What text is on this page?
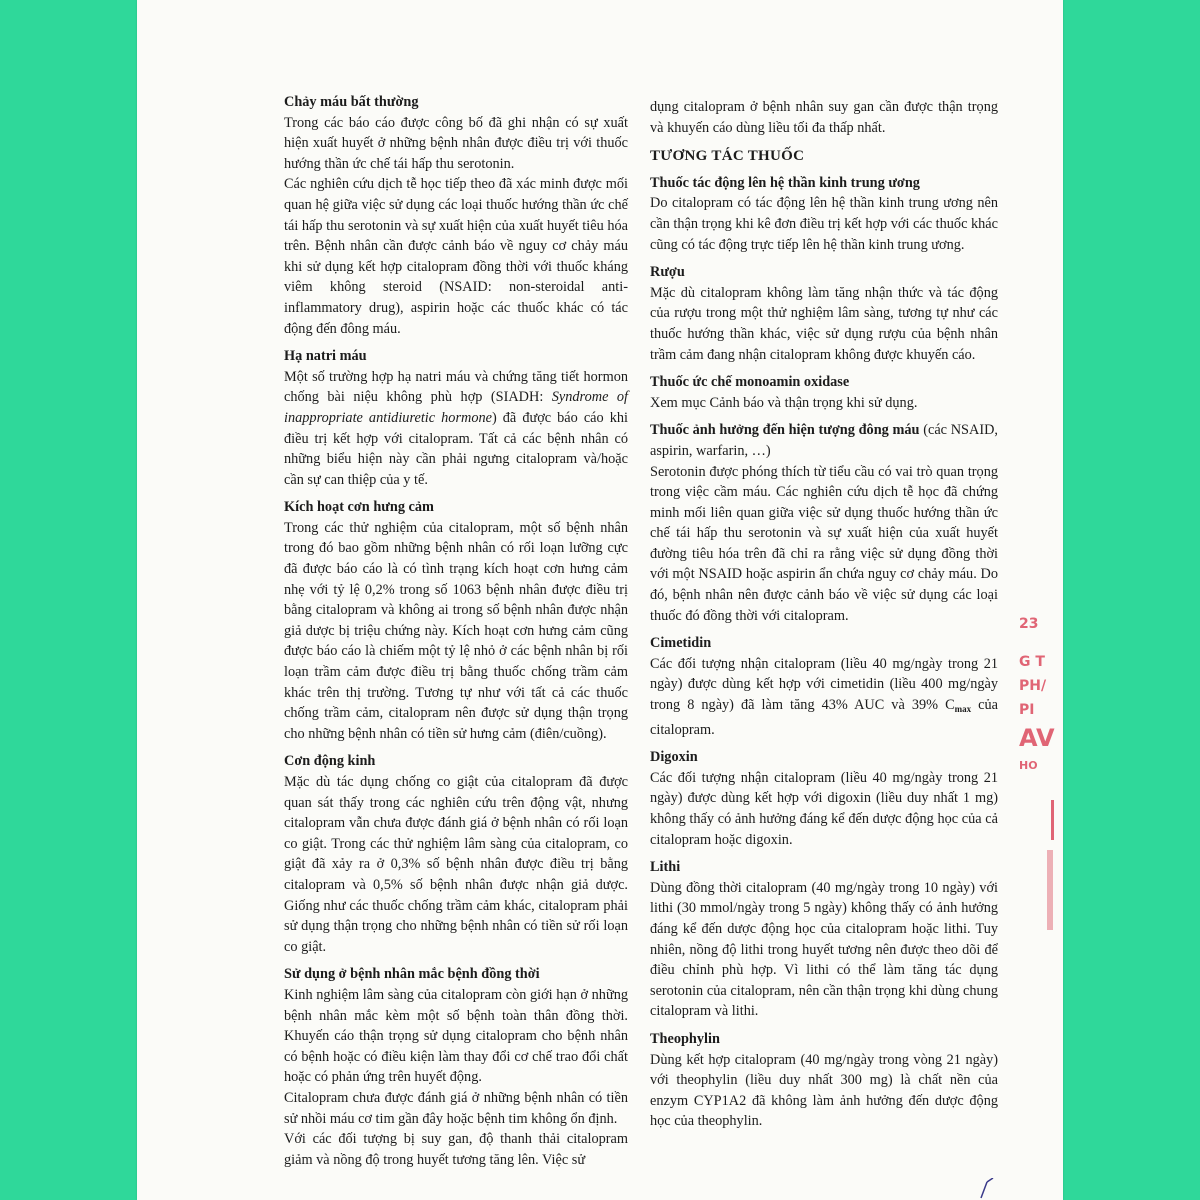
Chảy máu bất thường

Trong các báo cáo được công bố đã ghi nhận có sự xuất hiện xuất huyết ở những bệnh nhân được điều trị với thuốc hướng thần ức chế tái hấp thu serotonin.

Các nghiên cứu dịch tễ học tiếp theo đã xác minh được mối quan hệ giữa việc sử dụng các loại thuốc hướng thần ức chế tái hấp thu serotonin và sự xuất hiện của xuất huyết tiêu hóa trên. Bệnh nhân cần được cảnh báo về nguy cơ chảy máu khi sử dụng kết hợp citalopram đồng thời với thuốc kháng viêm không steroid (NSAID: non-steroidal anti-inflammatory drug), aspirin hoặc các thuốc khác có tác động đến đông máu.

Hạ natri máu

Một số trường hợp hạ natri máu và chứng tăng tiết hormon chống bài niệu không phù hợp (SIADH: Syndrome of inappropriate antidiuretic hormone) đã được báo cáo khi điều trị kết hợp với citalopram. Tất cả các bệnh nhân có những biểu hiện này cần phải ngưng citalopram và/hoặc cần sự can thiệp của y tế.

Kích hoạt cơn hưng cảm

Trong các thử nghiệm của citalopram, một số bệnh nhân trong đó bao gồm những bệnh nhân có rối loạn lưỡng cực đã được báo cáo là có tình trạng kích hoạt cơn hưng cảm nhẹ với tỷ lệ 0,2% trong số 1063 bệnh nhân được điều trị bằng citalopram và không ai trong số bệnh nhân được nhận giả dược bị triệu chứng này. Kích hoạt cơn hưng cảm cũng được báo cáo là chiếm một tỷ lệ nhỏ ở các bệnh nhân bị rối loạn trầm cảm được điều trị bằng thuốc chống trầm cảm khác trên thị trường. Tương tự như với tất cả các thuốc chống trầm cảm, citalopram nên được sử dụng thận trọng cho những bệnh nhân có tiền sử hưng cảm (điên/cuồng).

Cơn động kinh

Mặc dù tác dụng chống co giật của citalopram đã được quan sát thấy trong các nghiên cứu trên động vật, nhưng citalopram vẫn chưa được đánh giá ở bệnh nhân có rối loạn co giật. Trong các thử nghiệm lâm sàng của citalopram, co giật đã xảy ra ở 0,3% số bệnh nhân được điều trị bằng citalopram và 0,5% số bệnh nhân được nhận giả dược. Giống như các thuốc chống trầm cảm khác, citalopram phải sử dụng thận trọng cho những bệnh nhân có tiền sử rối loạn co giật.

Sử dụng ở bệnh nhân mắc bệnh đồng thời

Kinh nghiệm lâm sàng của citalopram còn giới hạn ở những bệnh nhân mắc kèm một số bệnh toàn thân đồng thời. Khuyến cáo thận trọng sử dụng citalopram cho bệnh nhân có bệnh hoặc có điều kiện làm thay đổi cơ chế trao đổi chất hoặc có phản ứng trên huyết động.

Citalopram chưa được đánh giá ở những bệnh nhân có tiền sử nhồi máu cơ tim gần đây hoặc bệnh tim không ổn định.

Với các đối tượng bị suy gan, độ thanh thải citalopram giảm và nồng độ trong huyết tương tăng lên. Việc sử

dụng citalopram ở bệnh nhân suy gan cần được thận trọng và khuyến cáo dùng liều tối đa thấp nhất.

TƯƠNG TÁC THUỐC

Thuốc tác động lên hệ thần kinh trung ương

Do citalopram có tác động lên hệ thần kinh trung ương nên cần thận trọng khi kê đơn điều trị kết hợp với các thuốc khác cũng có tác động trực tiếp lên hệ thần kinh trung ương.

Rượu

Mặc dù citalopram không làm tăng nhận thức và tác động của rượu trong một thử nghiệm lâm sàng, tương tự như các thuốc hướng thần khác, việc sử dụng rượu của bệnh nhân trầm cảm đang nhận citalopram không được khuyến cáo.

Thuốc ức chế monoamin oxidase

Xem mục Cảnh báo và thận trọng khi sử dụng.

Thuốc ảnh hưởng đến hiện tượng đông máu (các NSAID, aspirin, warfarin, …)

Serotonin được phóng thích từ tiểu cầu có vai trò quan trọng trong việc cầm máu. Các nghiên cứu dịch tễ học đã chứng minh mối liên quan giữa việc sử dụng thuốc hướng thần ức chế tái hấp thu serotonin và sự xuất hiện của xuất huyết đường tiêu hóa trên đã chỉ ra rằng việc sử dụng đồng thời với một NSAID hoặc aspirin ẩn chứa nguy cơ chảy máu. Do đó, bệnh nhân nên được cảnh báo về việc sử dụng các loại thuốc đó đồng thời với citalopram.

Cimetidin

Các đối tượng nhận citalopram (liều 40 mg/ngày trong 21 ngày) được dùng kết hợp với cimetidin (liều 400 mg/ngày trong 8 ngày) đã làm tăng 43% AUC và 39% $C_{max}$ của citalopram.

Digoxin

Các đối tượng nhận citalopram (liều 40 mg/ngày trong 21 ngày) được dùng kết hợp với digoxin (liều duy nhất 1 mg) không thấy có ảnh hưởng đáng kể đến dược động học của cả citalopram hoặc digoxin.

Lithi

Dùng đồng thời citalopram (40 mg/ngày trong 10 ngày) với lithi (30 mmol/ngày trong 5 ngày) không thấy có ảnh hưởng đáng kể đến dược động học của citalopram hoặc lithi. Tuy nhiên, nồng độ lithi trong huyết tương nên được theo dõi để điều chỉnh phù hợp. Vì lithi có thể làm tăng tác dụng serotonin của citalopram, nên cần thận trọng khi dùng chung citalopram và lithi.

Theophylin

Dùng kết hợp citalopram (40 mg/ngày trong vòng 21 ngày) với theophylin (liều duy nhất 300 mg) là chất nền của enzym CYP1A2 đã không làm ảnh hưởng đến dược động học của theophylin.

23
G T
PH/
PI
AV
HO
